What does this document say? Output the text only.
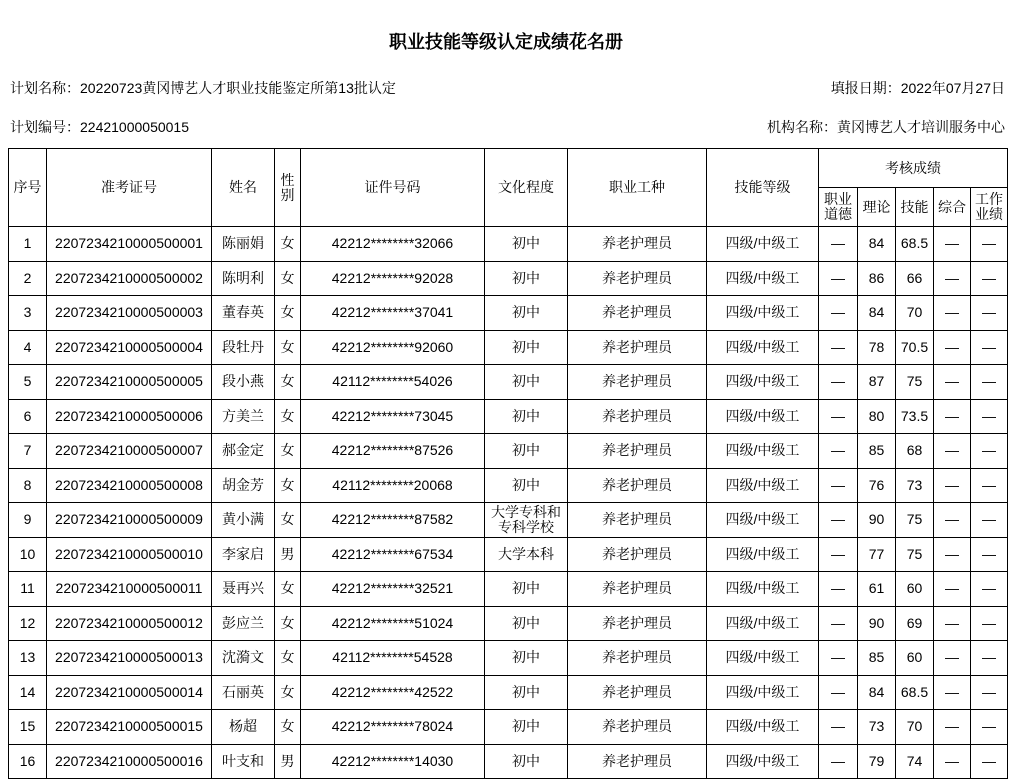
职业技能等级认定成绩花名册
计划名称：20220723黄冈博艺人才职业技能鉴定所第13批认定	填报日期：2022年07月27日
计划编号：22421000050015	机构名称：黄冈博艺人才培训服务中心
序号	准考证号	姓名	性别	证件号码	文化程度	职业工种	技能等级	考核成绩				
								职业道德	理论	技能	综合	工作业绩
1	2207234210000500001	陈丽娟	女	42212********32066	初中	养老护理员	四级/中级工	—	84	68.5	—	—
2	2207234210000500002	陈明利	女	42212********92028	初中	养老护理员	四级/中级工	—	86	66	—	—
3	2207234210000500003	董春英	女	42212********37041	初中	养老护理员	四级/中级工	—	84	70	—	—
4	2207234210000500004	段牡丹	女	42212********92060	初中	养老护理员	四级/中级工	—	78	70.5	—	—
5	2207234210000500005	段小燕	女	42112********54026	初中	养老护理员	四级/中级工	—	87	75	—	—
6	2207234210000500006	方美兰	女	42212********73045	初中	养老护理员	四级/中级工	—	80	73.5	—	—
7	2207234210000500007	郝金定	女	42212********87526	初中	养老护理员	四级/中级工	—	85	68	—	—
8	2207234210000500008	胡金芳	女	42112********20068	初中	养老护理员	四级/中级工	—	76	73	—	—
9	2207234210000500009	黄小满	女	42212********87582	大学专科和专科学校	养老护理员	四级/中级工	—	90	75	—	—
10	2207234210000500010	李家启	男	42212********67534	大学本科	养老护理员	四级/中级工	—	77	75	—	—
11	2207234210000500011	聂再兴	女	42212********32521	初中	养老护理员	四级/中级工	—	61	60	—	—
12	2207234210000500012	彭应兰	女	42212********51024	初中	养老护理员	四级/中级工	—	90	69	—	—
13	2207234210000500013	沈漪文	女	42112********54528	初中	养老护理员	四级/中级工	—	85	60	—	—
14	2207234210000500014	石丽英	女	42212********42522	初中	养老护理员	四级/中级工	—	84	68.5	—	—
15	2207234210000500015	杨超	女	42212********78024	初中	养老护理员	四级/中级工	—	73	70	—	—
16	2207234210000500016	叶支和	男	42212********14030	初中	养老护理员	四级/中级工	—	79	74	—	—
